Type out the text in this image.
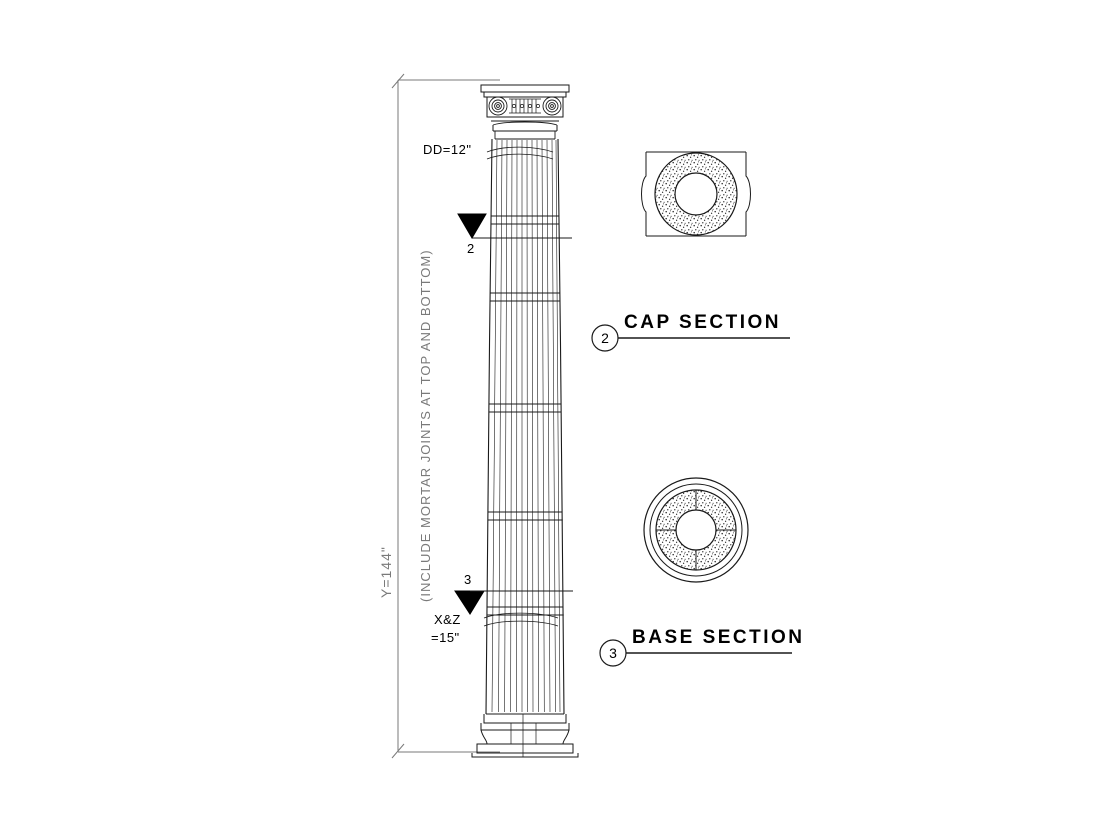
Y=144" (INCLUDE MORTAR JOINTS AT TOP AND BOTTOM)
DD=12"
X&Z
=15"
2
3
2
CAP SECTION
3
BASE SECTION
